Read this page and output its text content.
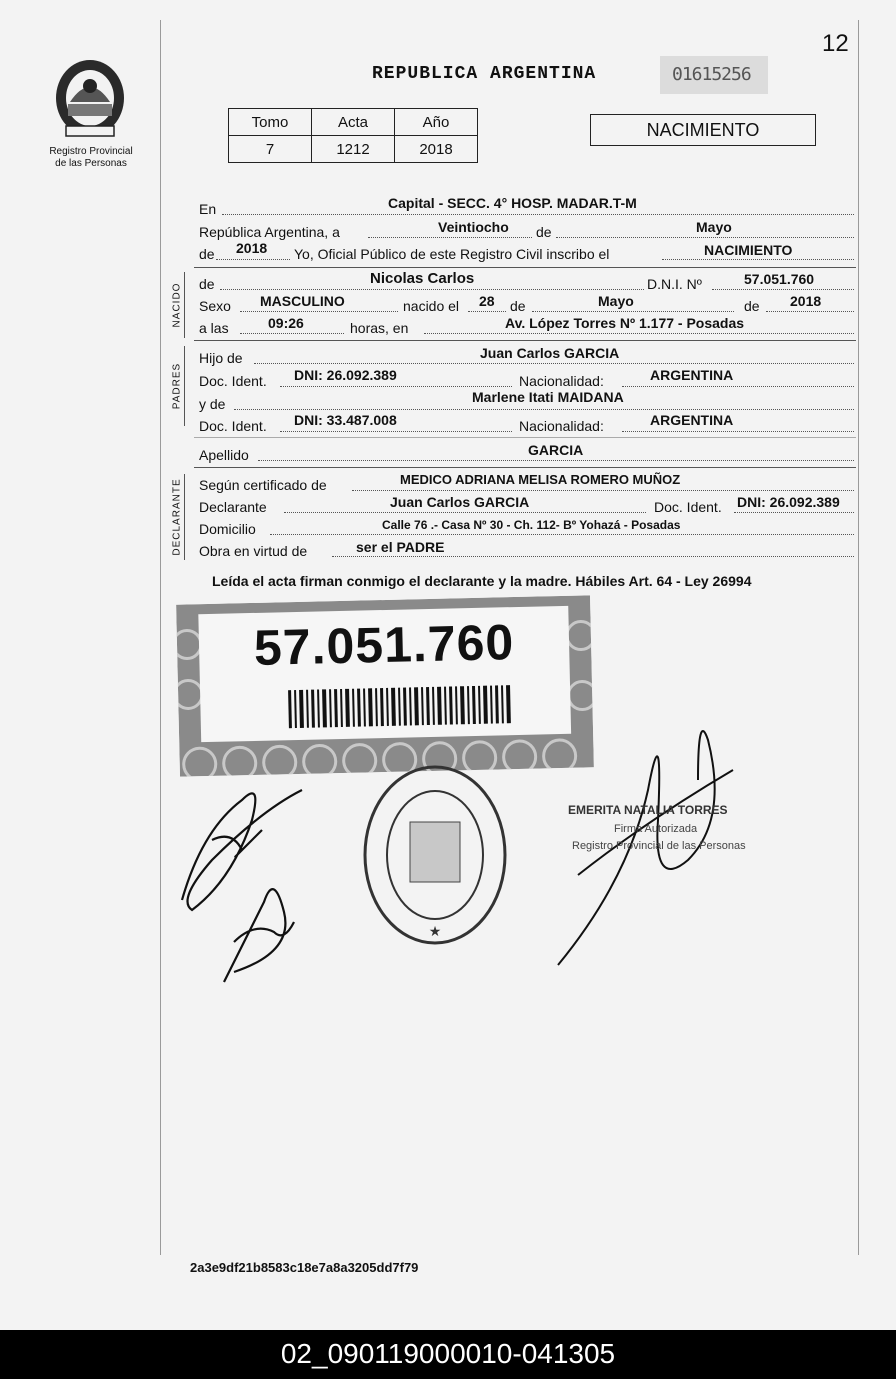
12
Registro Provincial
de las Personas
REPUBLICA ARGENTINA	01615256
Tomo	Acta	Año
7	1212	2018
NACIMIENTO
En	Capital - SECC. 4° HOSP. MADAR.T-M
República Argentina, a	Veintiocho de	Mayo
de 2018 Yo, Oficial Público de este Registro Civil inscribo el	NACIMIENTO
NACIDO de	Nicolas Carlos	D.N.I. Nº	57.051.760
Sexo MASCULINO	nacido el 28 de	Mayo	de 2018
a las	09:26	horas, en	Av. López Torres Nº 1.177 - Posadas
PADRES
Hijo de	Juan Carlos GARCIA
Doc. Ident. DNI: 26.092.389	Nacionalidad:	ARGENTINA
y de	Marlene Itati MAIDANA
Doc. Ident. DNI: 33.487.008	Nacionalidad:	ARGENTINA
Apellido	GARCIA
DECLARANTE Según certificado de	MEDICO ADRIANA MELISA ROMERO MUÑOZ
Declarante	Juan Carlos GARCIA	Doc. Ident. DNI: 26.092.389
Domicilio	Calle 76 .- Casa Nº 30 - Ch. 112- Bº Yohazá - Posadas
Obra en virtud de	ser el PADRE
Leída el acta firman conmigo el declarante y la madre. Hábiles Art. 64 - Ley 26994
57.051.760
★
EMERITA NATALIA TORRES
Firma Autorizada
Registro Provincial de las Personas
2a3e9df21b8583c18e7a8a3205dd7f79
02_090119000010-041305
